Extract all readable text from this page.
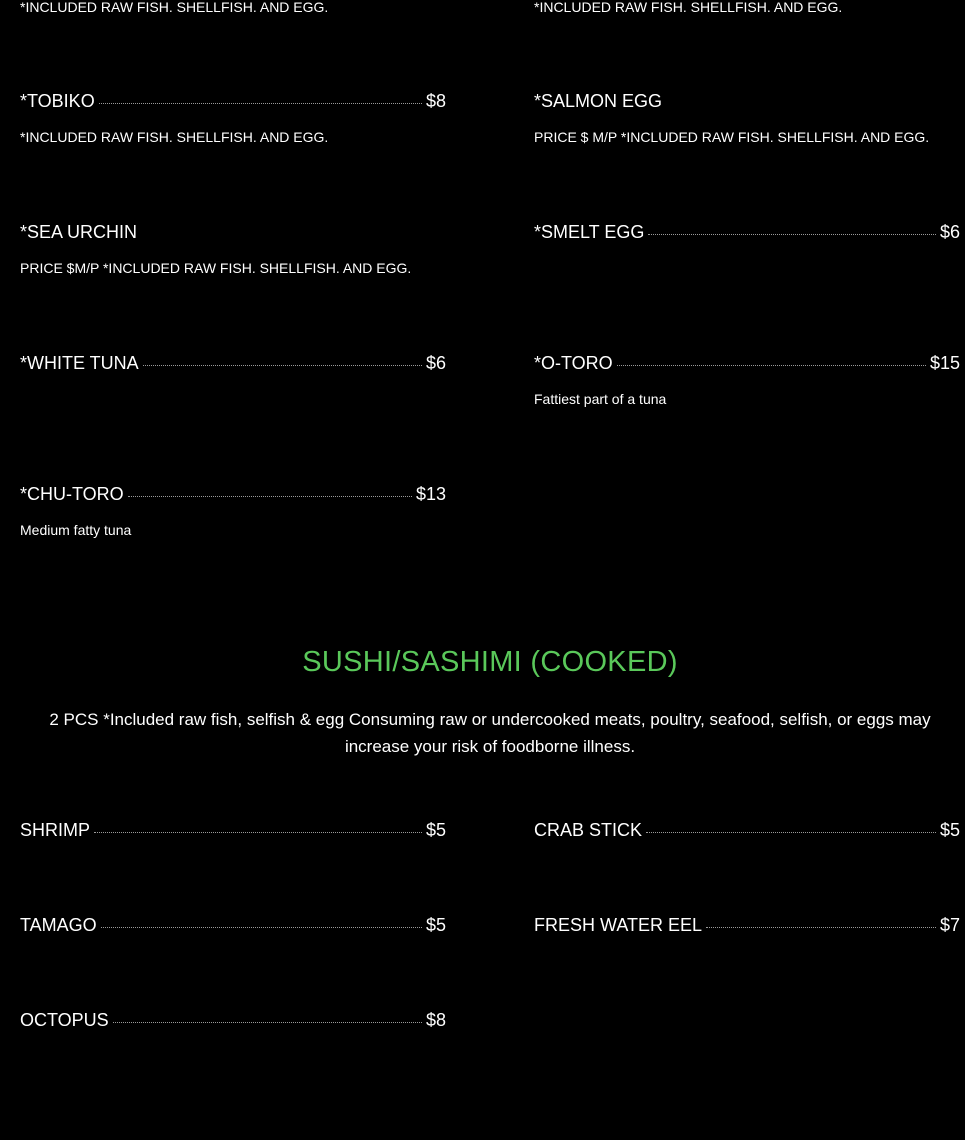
*INCLUDED RAW FISH. SHELLFISH. AND EGG.	*INCLUDED RAW FISH. SHELLFISH. AND EGG.
*TOBIKO	$8
*INCLUDED RAW FISH. SHELLFISH. AND EGG.
*SALMON EGG
PRICE $ M/P *INCLUDED RAW FISH. SHELLFISH. AND EGG.
*SEA URCHIN
PRICE $M/P *INCLUDED RAW FISH. SHELLFISH. AND EGG.
*SMELT EGG	$6
*WHITE TUNA	$6	*O-TORO	$15
Fattiest part of a tuna
*CHU-TORO	$13
Medium fatty tuna
SUSHI/SASHIMI (COOKED)
2 PCS *Included raw fish, selfish & egg Consuming raw or undercooked meats, poultry, seafood, selfish, or eggs may increase your risk of foodborne illness.
SHRIMP	$5	CRAB STICK	$5
TAMAGO	$5	FRESH WATER EEL	$7
OCTOPUS	$8
